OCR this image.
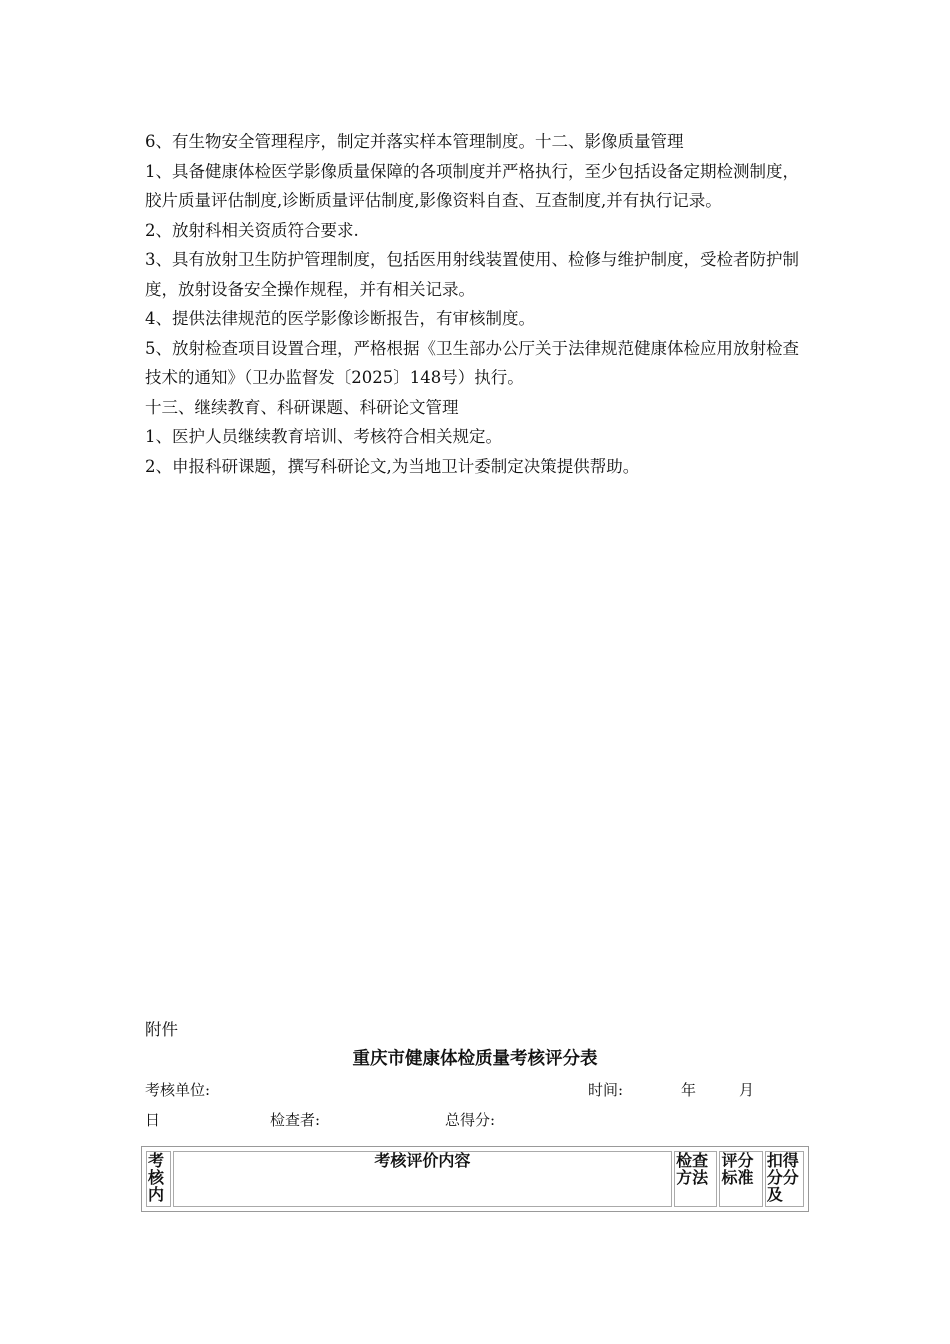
6、有生物安全管理程序，制定并落实样本管理制度。十二、影像质量管理

1、具备健康体检医学影像质量保障的各项制度并严格执行，至少包括设备定期检测制度，胶片质量评估制度,诊断质量评估制度,影像资料自查、互查制度,并有执行记录。

2、放射科相关资质符合要求.

3、具有放射卫生防护管理制度，包括医用射线装置使用、检修与维护制度，受检者防护制度，放射设备安全操作规程，并有相关记录。

4、提供法律规范的医学影像诊断报告，有审核制度。

5、放射检查项目设置合理，严格根据《卫生部办公厅关于法律规范健康体检应用放射检查技术的通知》（卫办监督发〔2025〕148号）执行。

十三、继续教育、科研课题、科研论文管理

1、医护人员继续教育培训、考核符合相关规定。

2、申报科研课题，撰写科研论文,为当地卫计委制定决策提供帮助。

附件
重庆市健康体检质量考核评分表
考核单位:	时间:	年	月
日	检查者:	总得分:
考核内	考核评价内容	检查方法	评分标准	扣得分分及
